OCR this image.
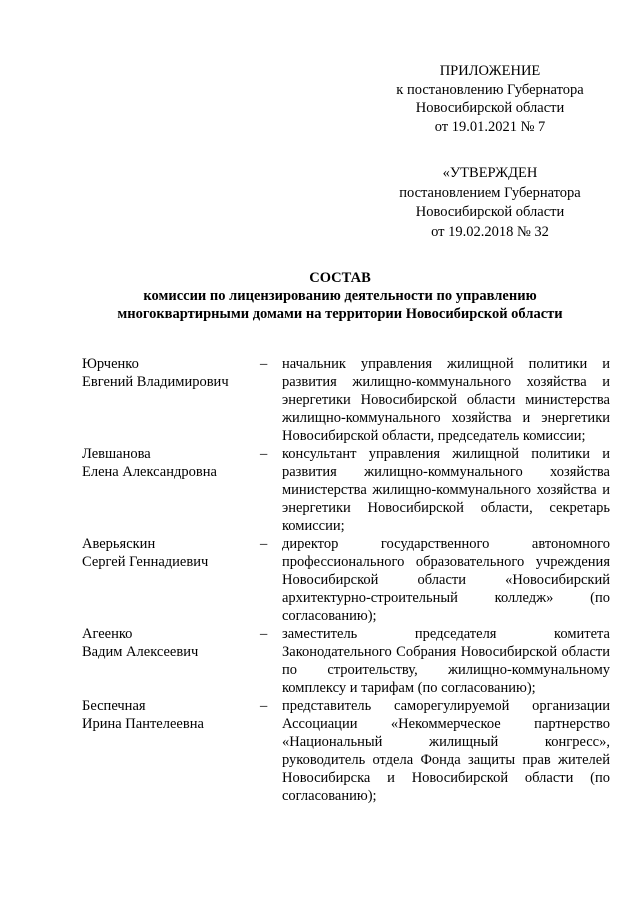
ПРИЛОЖЕНИЕ
к постановлению Губернатора
Новосибирской области
от 19.01.2021 № 7
«УТВЕРЖДЕН
постановлением Губернатора
Новосибирской области
от 19.02.2018 № 32
СОСТАВ
комиссии по лицензированию деятельности по управлению
многоквартирными домами на территории Новосибирской области
Юрченко
Евгений Владимирович
–	начальник управления жилищной политики и развития жилищно-коммунального хозяйства и энергетики Новосибирской области министерства жилищно-коммунального хозяйства и энергетики Новосибирской области, председатель комиссии;
Левшанова
Елена Александровна
–	консультант управления жилищной политики и развития жилищно-коммунального хозяйства министерства жилищно-коммунального хозяйства и энергетики Новосибирской области, секретарь комиссии;
Аверьяскин
Сергей Геннадиевич
–	директор государственного автономного профессионального образовательного учреждения Новосибирской области «Новосибирский архитектурно-строительный колледж» (по согласованию);
Агеенко
Вадим Алексеевич
–	заместитель председателя комитета Законодательного Собрания Новосибирской области по строительству, жилищно-коммунальному комплексу и тарифам (по согласованию);
Беспечная
Ирина Пантелеевна
–	представитель саморегулируемой организации Ассоциации «Некоммерческое партнерство «Национальный жилищный конгресс», руководитель отдела Фонда защиты прав жителей Новосибирска и Новосибирской области (по согласованию);
